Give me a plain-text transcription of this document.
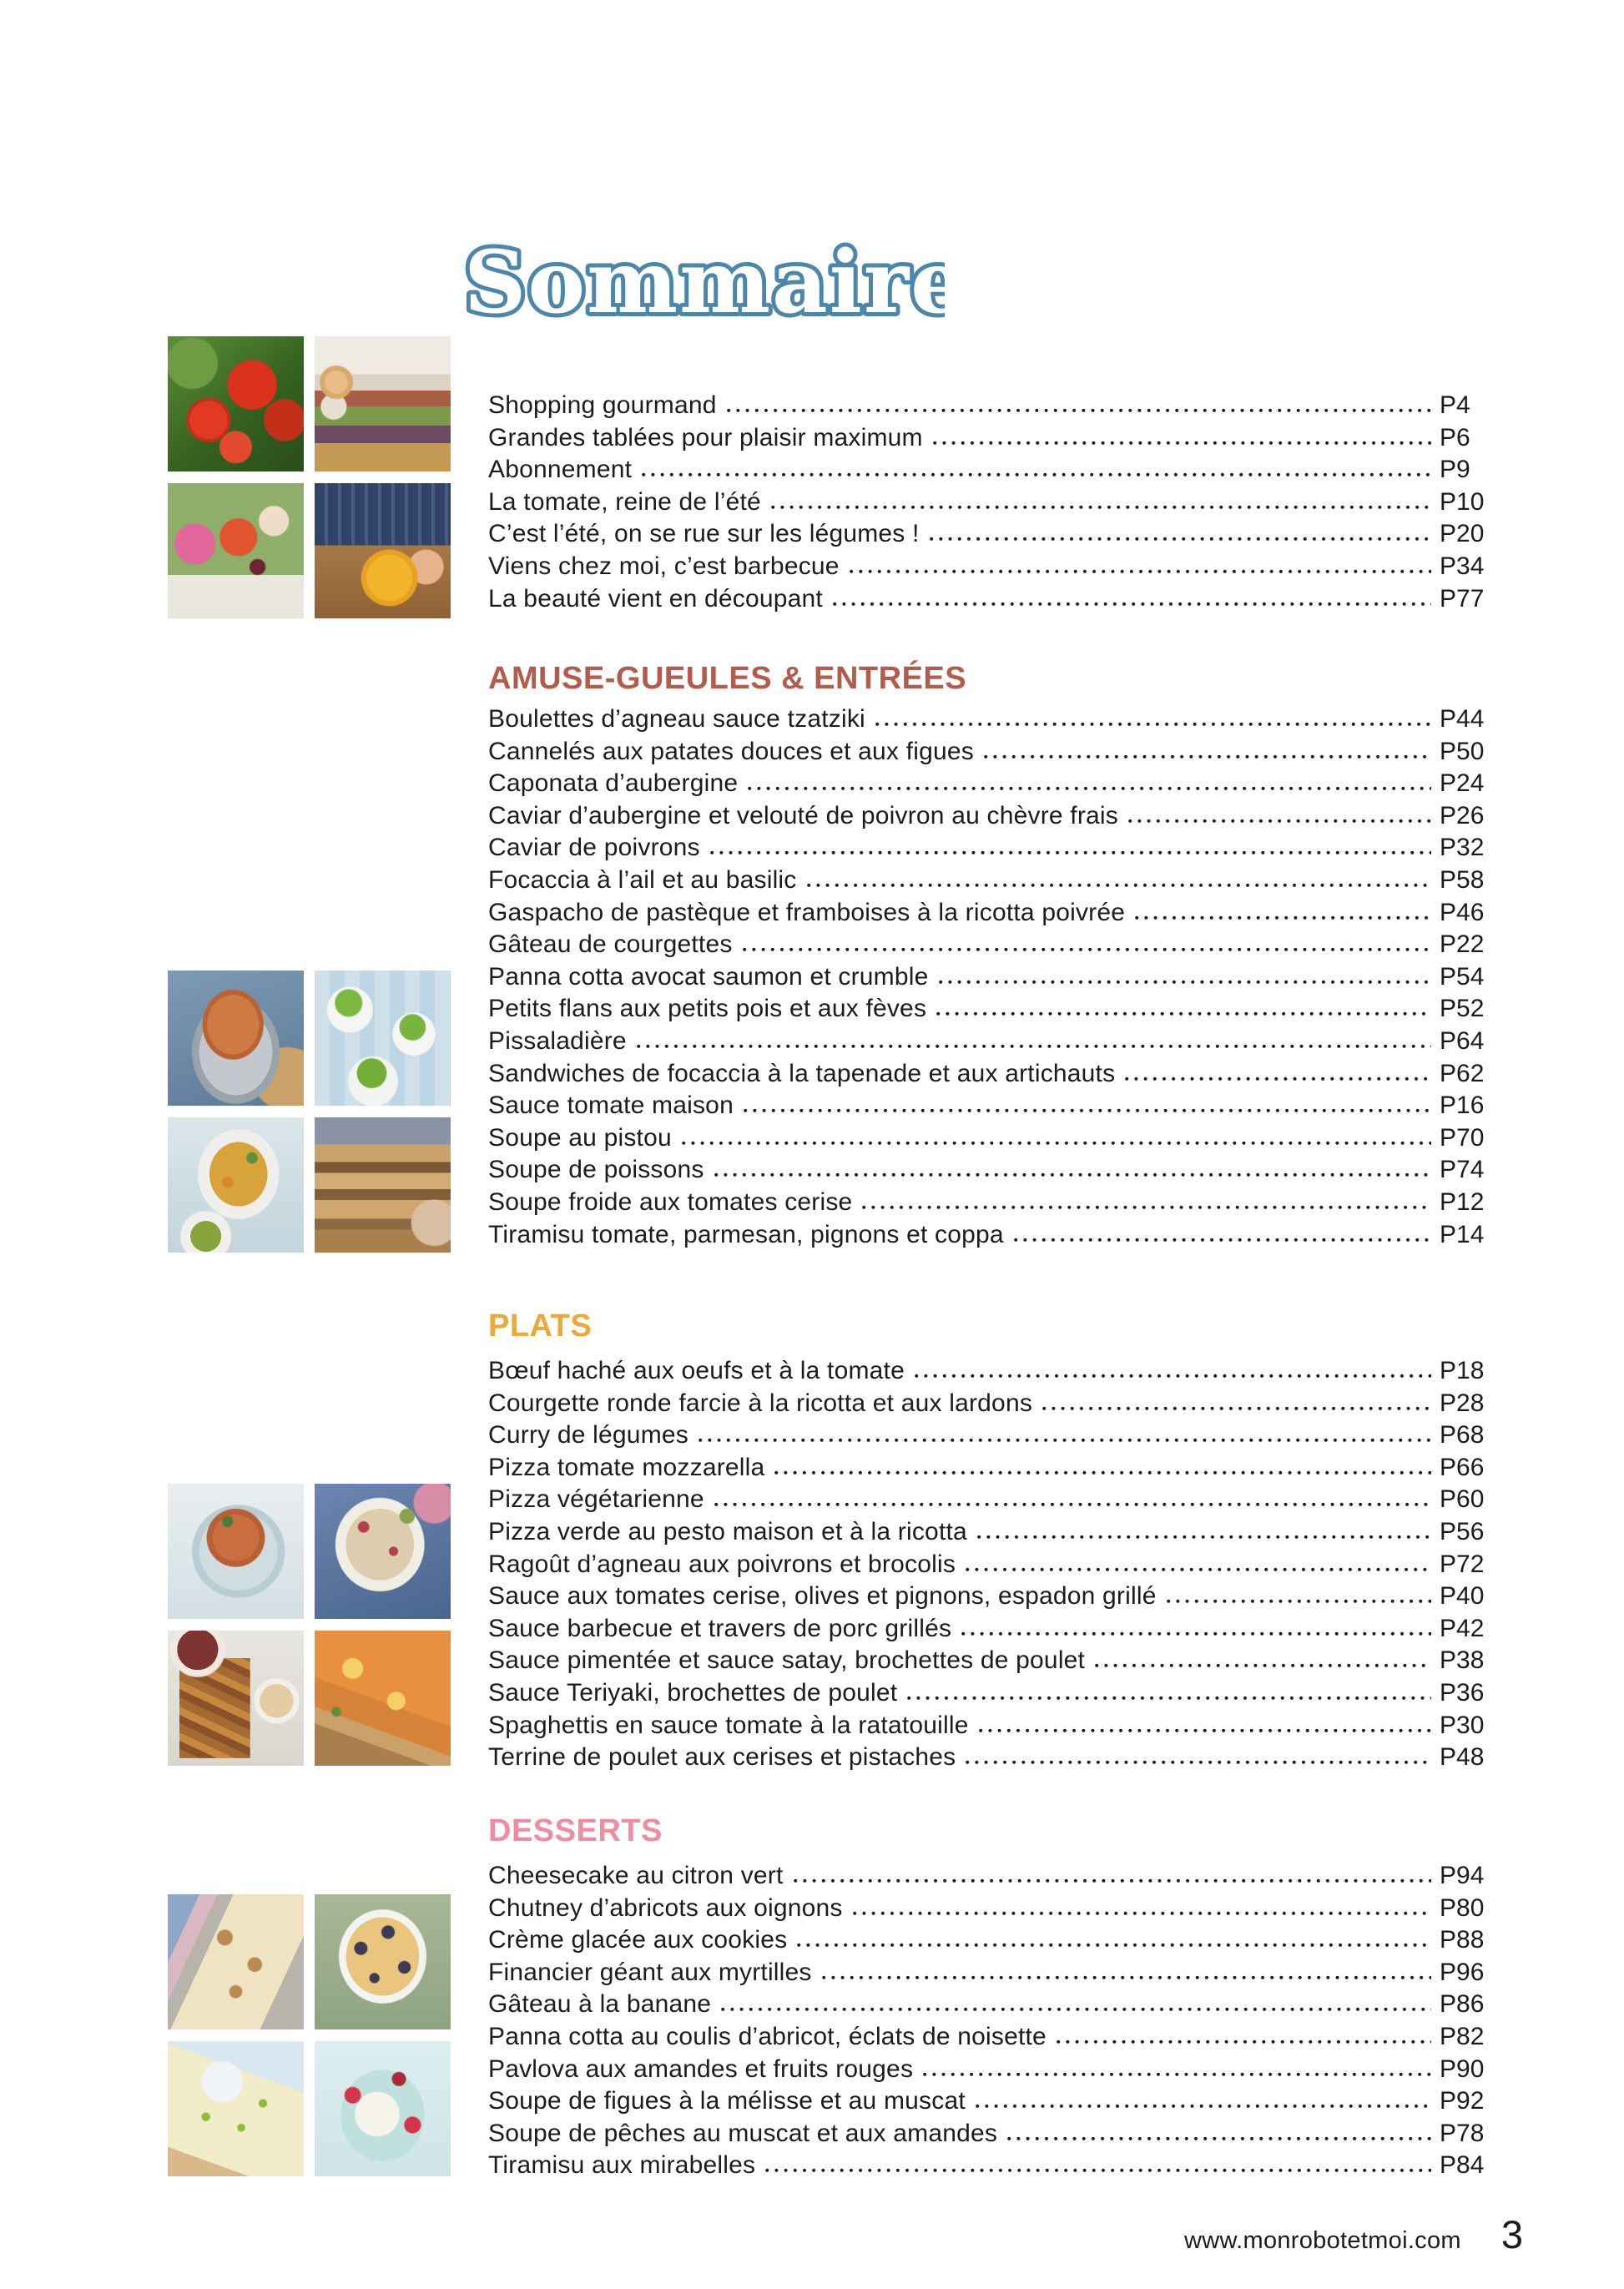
Sommaire
Shopping gourmand	P4
Grandes tablées pour plaisir maximum	P6
Abonnement	P9
La tomate, reine de l’été	P10
C’est l’été, on se rue sur les légumes !	P20
Viens chez moi, c’est barbecue	P34
La beauté vient en découpant	P77
AMUSE-GUEULES & ENTRÉES
Boulettes d’agneau sauce tzatziki	P44
Cannelés aux patates douces et aux figues	P50
Caponata d’aubergine	P24
Caviar d’aubergine et velouté de poivron au chèvre frais	P26
Caviar de poivrons	P32
Focaccia à l’ail et au basilic	P58
Gaspacho de pastèque et framboises à la ricotta poivrée	P46
Gâteau de courgettes	P22
Panna cotta avocat saumon et crumble	P54
Petits flans aux petits pois et aux fèves	P52
Pissaladière	P64
Sandwiches de focaccia à la tapenade et aux artichauts	P62
Sauce tomate maison	P16
Soupe au pistou	P70
Soupe de poissons	P74
Soupe froide aux tomates cerise	P12
Tiramisu tomate, parmesan, pignons et coppa	P14
PLATS
Bœuf haché aux oeufs et à la tomate	P18
Courgette ronde farcie à la ricotta et aux lardons	P28
Curry de légumes	P68
Pizza tomate mozzarella	P66
Pizza végétarienne	P60
Pizza verde au pesto maison et à la ricotta	P56
Ragoût d’agneau aux poivrons et brocolis	P72
Sauce aux tomates cerise, olives et pignons, espadon grillé	P40
Sauce barbecue et travers de porc grillés	P42
Sauce pimentée et sauce satay, brochettes de poulet	P38
Sauce Teriyaki, brochettes de poulet	P36
Spaghettis en sauce tomate à la ratatouille	P30
Terrine de poulet aux cerises et pistaches	P48
DESSERTS
Cheesecake au citron vert	P94
Chutney d’abricots aux oignons	P80
Crème glacée aux cookies	P88
Financier géant aux myrtilles	P96
Gâteau à la banane	P86
Panna cotta au coulis d’abricot, éclats de noisette	P82
Pavlova aux amandes et fruits rouges	P90
Soupe de figues à la mélisse et au muscat	P92
Soupe de pêches au muscat et aux amandes	P78
Tiramisu aux mirabelles	P84
www.monrobotetmoi.com 3
